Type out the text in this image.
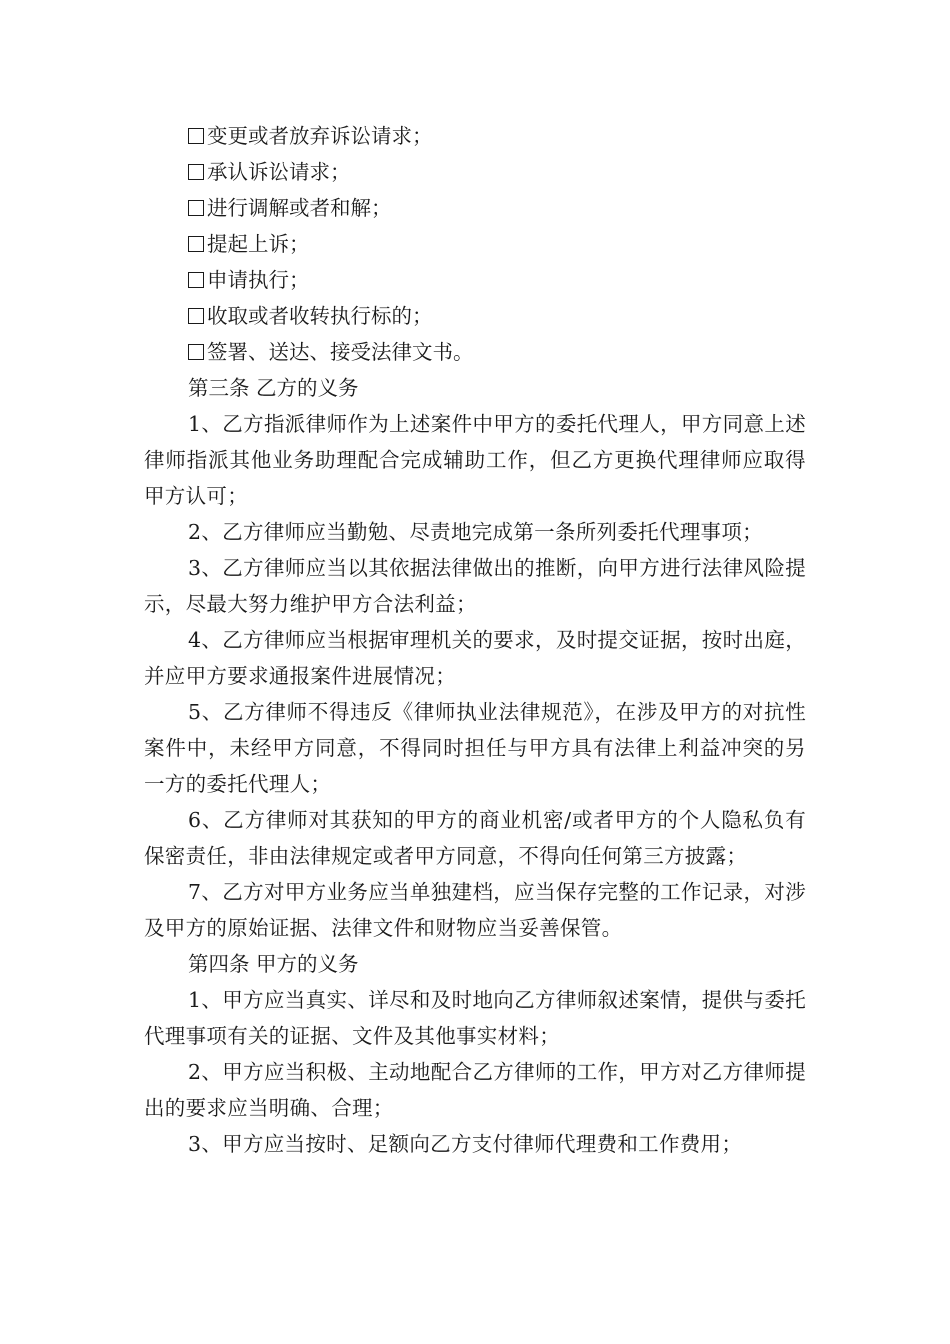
变更或者放弃诉讼请求；

承认诉讼请求；

进行调解或者和解；

提起上诉；

申请执行；

收取或者收转执行标的；

签署、送达、接受法律文书。

第三条 乙方的义务

1、乙方指派律师作为上述案件中甲方的委托代理人，甲方同意上述律师指派其他业务助理配合完成辅助工作，但乙方更换代理律师应取得甲方认可；

2、乙方律师应当勤勉、尽责地完成第一条所列委托代理事项；

3、乙方律师应当以其依据法律做出的推断，向甲方进行法律风险提示，尽最大努力维护甲方合法利益；

4、乙方律师应当根据审理机关的要求，及时提交证据，按时出庭，并应甲方要求通报案件进展情况；

5、乙方律师不得违反《律师执业法律规范》，在涉及甲方的对抗性案件中，未经甲方同意，不得同时担任与甲方具有法律上利益冲突的另一方的委托代理人；

6、乙方律师对其获知的甲方的商业机密/或者甲方的个人隐私负有保密责任，非由法律规定或者甲方同意，不得向任何第三方披露；

7、乙方对甲方业务应当单独建档，应当保存完整的工作记录，对涉及甲方的原始证据、法律文件和财物应当妥善保管。

第四条 甲方的义务

1、甲方应当真实、详尽和及时地向乙方律师叙述案情，提供与委托代理事项有关的证据、文件及其他事实材料；

2、甲方应当积极、主动地配合乙方律师的工作，甲方对乙方律师提出的要求应当明确、合理；

3、甲方应当按时、足额向乙方支付律师代理费和工作费用；
